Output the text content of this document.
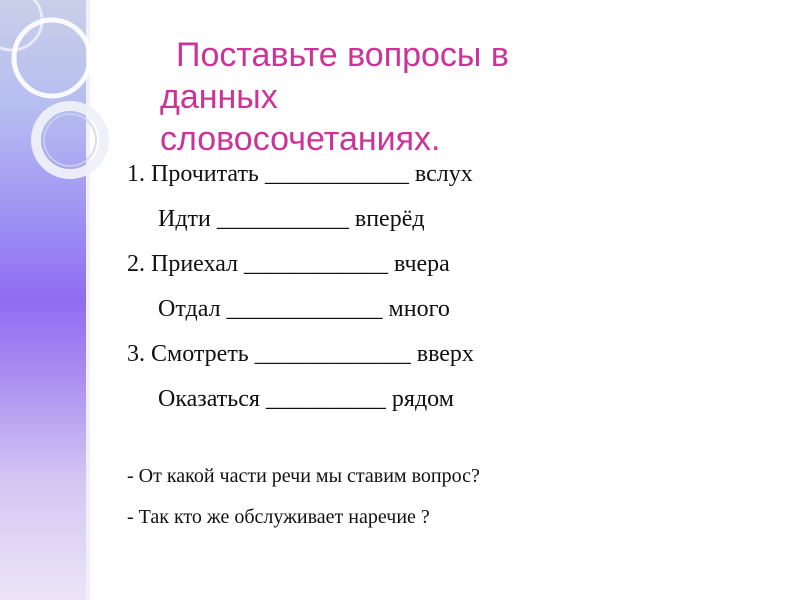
Поставьте вопросы в
данных
словосочетаниях.
1. Прочитать ____________ вслух
Идти ___________ вперёд
2. Приехал ____________ вчера
Отдал _____________ много
3. Смотреть _____________ вверх
Оказаться __________ рядом
- От какой части речи мы ставим вопрос?
- Так кто же обслуживает наречие ?
